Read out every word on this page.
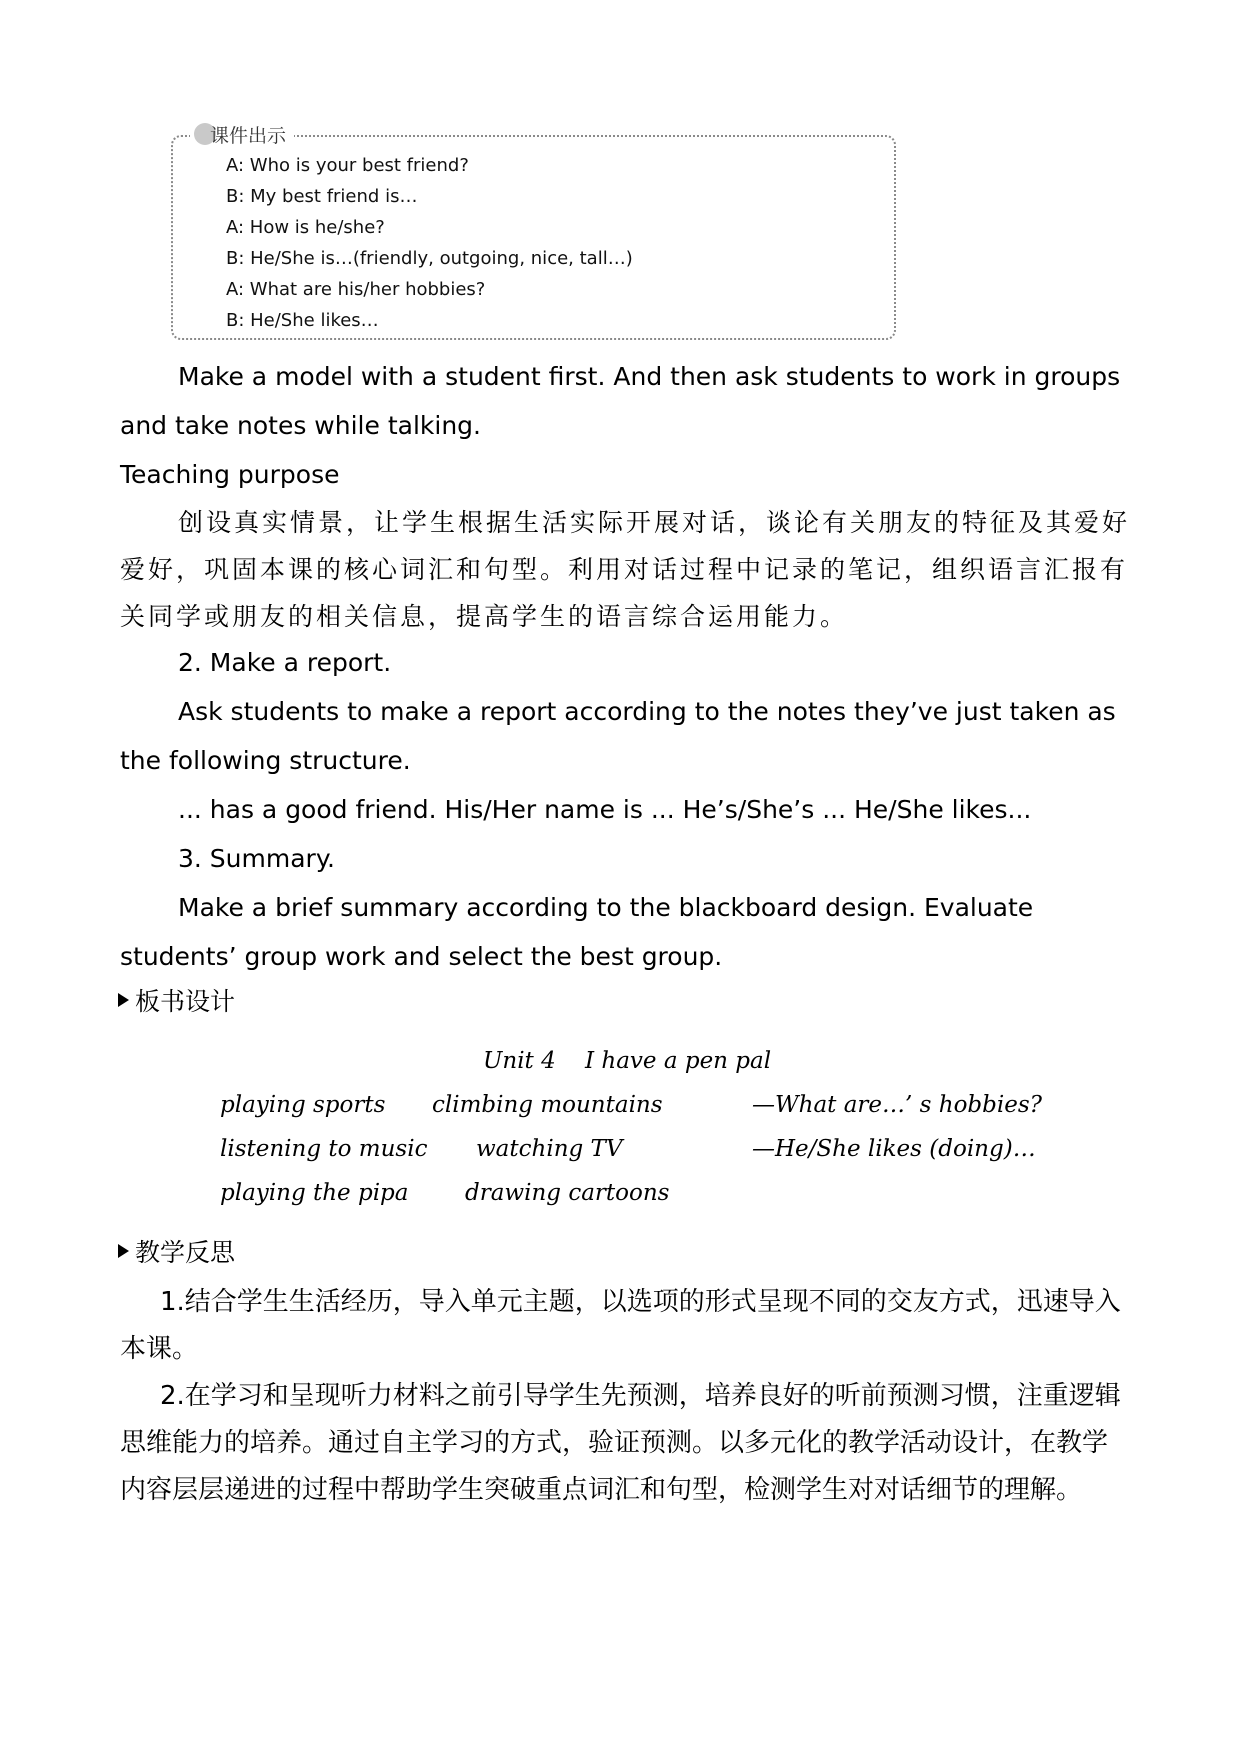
课件出示
A: Who is your best friend?
B: My best friend is…
A: How is he/she?
B: He/She is…(friendly, outgoing, nice, tall…)
A: What are his/her hobbies?
B: He/She likes…

Make a model with a student first. And then ask students to work in groups and take notes while talking.

Teaching purpose

创设真实情景，让学生根据生活实际开展对话，谈论有关朋友的特征及其爱好爱好，巩固本课的核心词汇和句型。利用对话过程中记录的笔记，组织语言汇报有关同学或朋友的相关信息，提高学生的语言综合运用能力。

2. Make a report.

Ask students to make a report according to the notes they’ve just taken as the following structure.

... has a good friend. His/Her name is ... He’s/She’s ... He/She likes...

3. Summary.

Make a brief summary according to the blackboard design. Evaluate students’ group work and select the best group.

板书设计
Unit 4    I have a pen pal
playing sports
listening to music
playing the pipa
climbing mountains
watching TV
drawing cartoons
—What are…’ s hobbies?
—He/She likes (doing)…
教学反思

1.结合学生生活经历，导入单元主题，以选项的形式呈现不同的交友方式，迅速导入本课。

2.在学习和呈现听力材料之前引导学生先预测，培养良好的听前预测习惯，注重逻辑思维能力的培养。通过自主学习的方式，验证预测。以多元化的教学活动设计，在教学内容层层递进的过程中帮助学生突破重点词汇和句型，检测学生对对话细节的理解。
